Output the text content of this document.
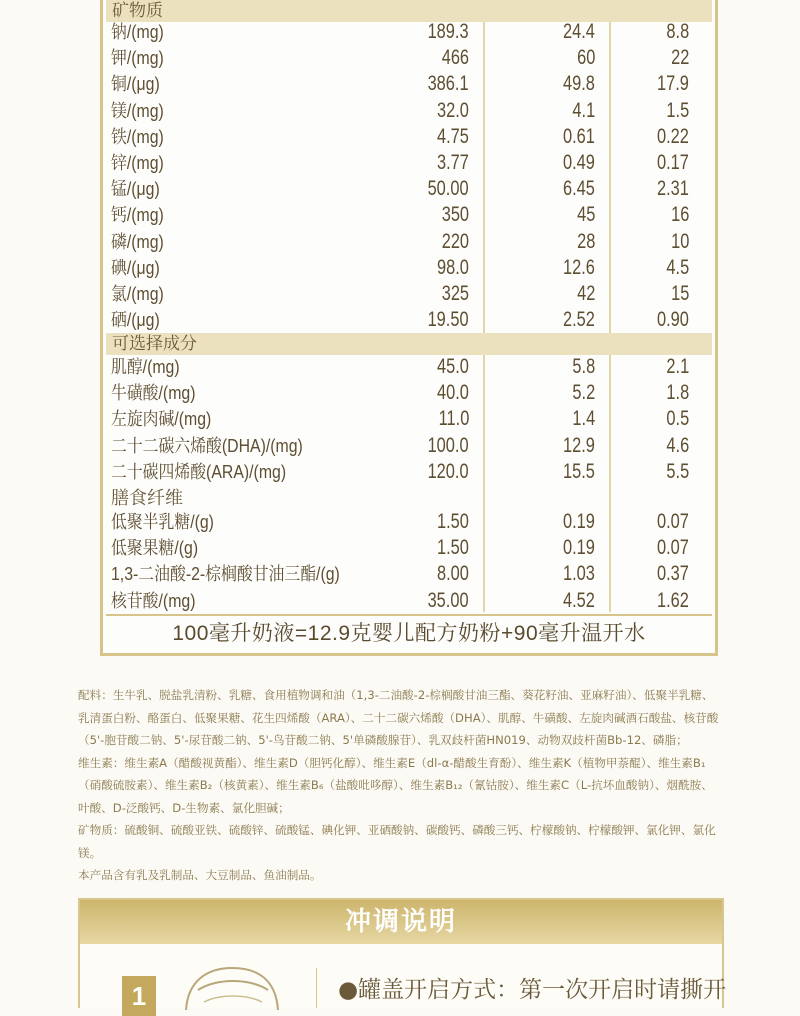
矿物质
钠/(mg)	189.3	24.4	8.8
钾/(mg)	466	60	22
铜/(μg)	386.1	49.8	17.9
镁/(mg)	32.0	4.1	1.5
铁/(mg)	4.75	0.61	0.22
锌/(mg)	3.77	0.49	0.17
锰/(μg)	50.00	6.45	2.31
钙/(mg)	350	45	16
磷/(mg)	220	28	10
碘/(μg)	98.0	12.6	4.5
氯/(mg)	325	42	15
硒/(μg)	19.50	2.52	0.90
可选择成分
肌醇/(mg)	45.0	5.8	2.1
牛磺酸/(mg)	40.0	5.2	1.8
左旋肉碱/(mg)	11.0	1.4	0.5
二十二碳六烯酸(DHA)/(mg)	100.0	12.9	4.6
二十碳四烯酸(ARA)/(mg)	120.0	15.5	5.5
膳食纤维
低聚半乳糖/(g)	1.50	0.19	0.07
低聚果糖/(g)	1.50	0.19	0.07
1,3-二油酸-2-棕榈酸甘油三酯/(g)	8.00	1.03	0.37
核苷酸/(mg)	35.00	4.52	1.62
100毫升奶液=12.9克婴儿配方奶粉+90毫升温开水

配料：生牛乳、脱盐乳清粉、乳糖、食用植物调和油（1,3-二油酸-2-棕榈酸甘油三酯、葵花籽油、亚麻籽油）、低聚半乳糖、乳清蛋白粉、酪蛋白、低聚果糖、花生四烯酸（ARA）、二十二碳六烯酸（DHA）、肌醇、牛磺酸、左旋肉碱酒石酸盐、核苷酸（5'-胞苷酸二钠、5'-尿苷酸二钠、5'-鸟苷酸二钠、5'单磷酸腺苷）、乳双歧杆菌HN019、动物双歧杆菌Bb-12、磷脂；

维生素：维生素A（醋酸视黄酯）、维生素D（胆钙化醇）、维生素E（dl-α-醋酸生育酚）、维生素K（植物甲萘醌）、维生素B₁（硝酸硫胺素）、维生素B₂（核黄素）、维生素B₆（盐酸吡哆醇）、维生素B₁₂（氰钴胺）、维生素C（L-抗坏血酸钠）、烟酰胺、叶酸、D-泛酸钙、D-生物素、氯化胆碱；

矿物质：硫酸铜、硫酸亚铁、硫酸锌、硫酸锰、碘化钾、亚硒酸钠、碳酸钙、磷酸三钙、柠檬酸钠、柠檬酸钾、氯化钾、氯化镁。

本产品含有乳及乳制品、大豆制品、鱼油制品。

冲调说明
1	●罐盖开启方式：第一次开启时请撕开
